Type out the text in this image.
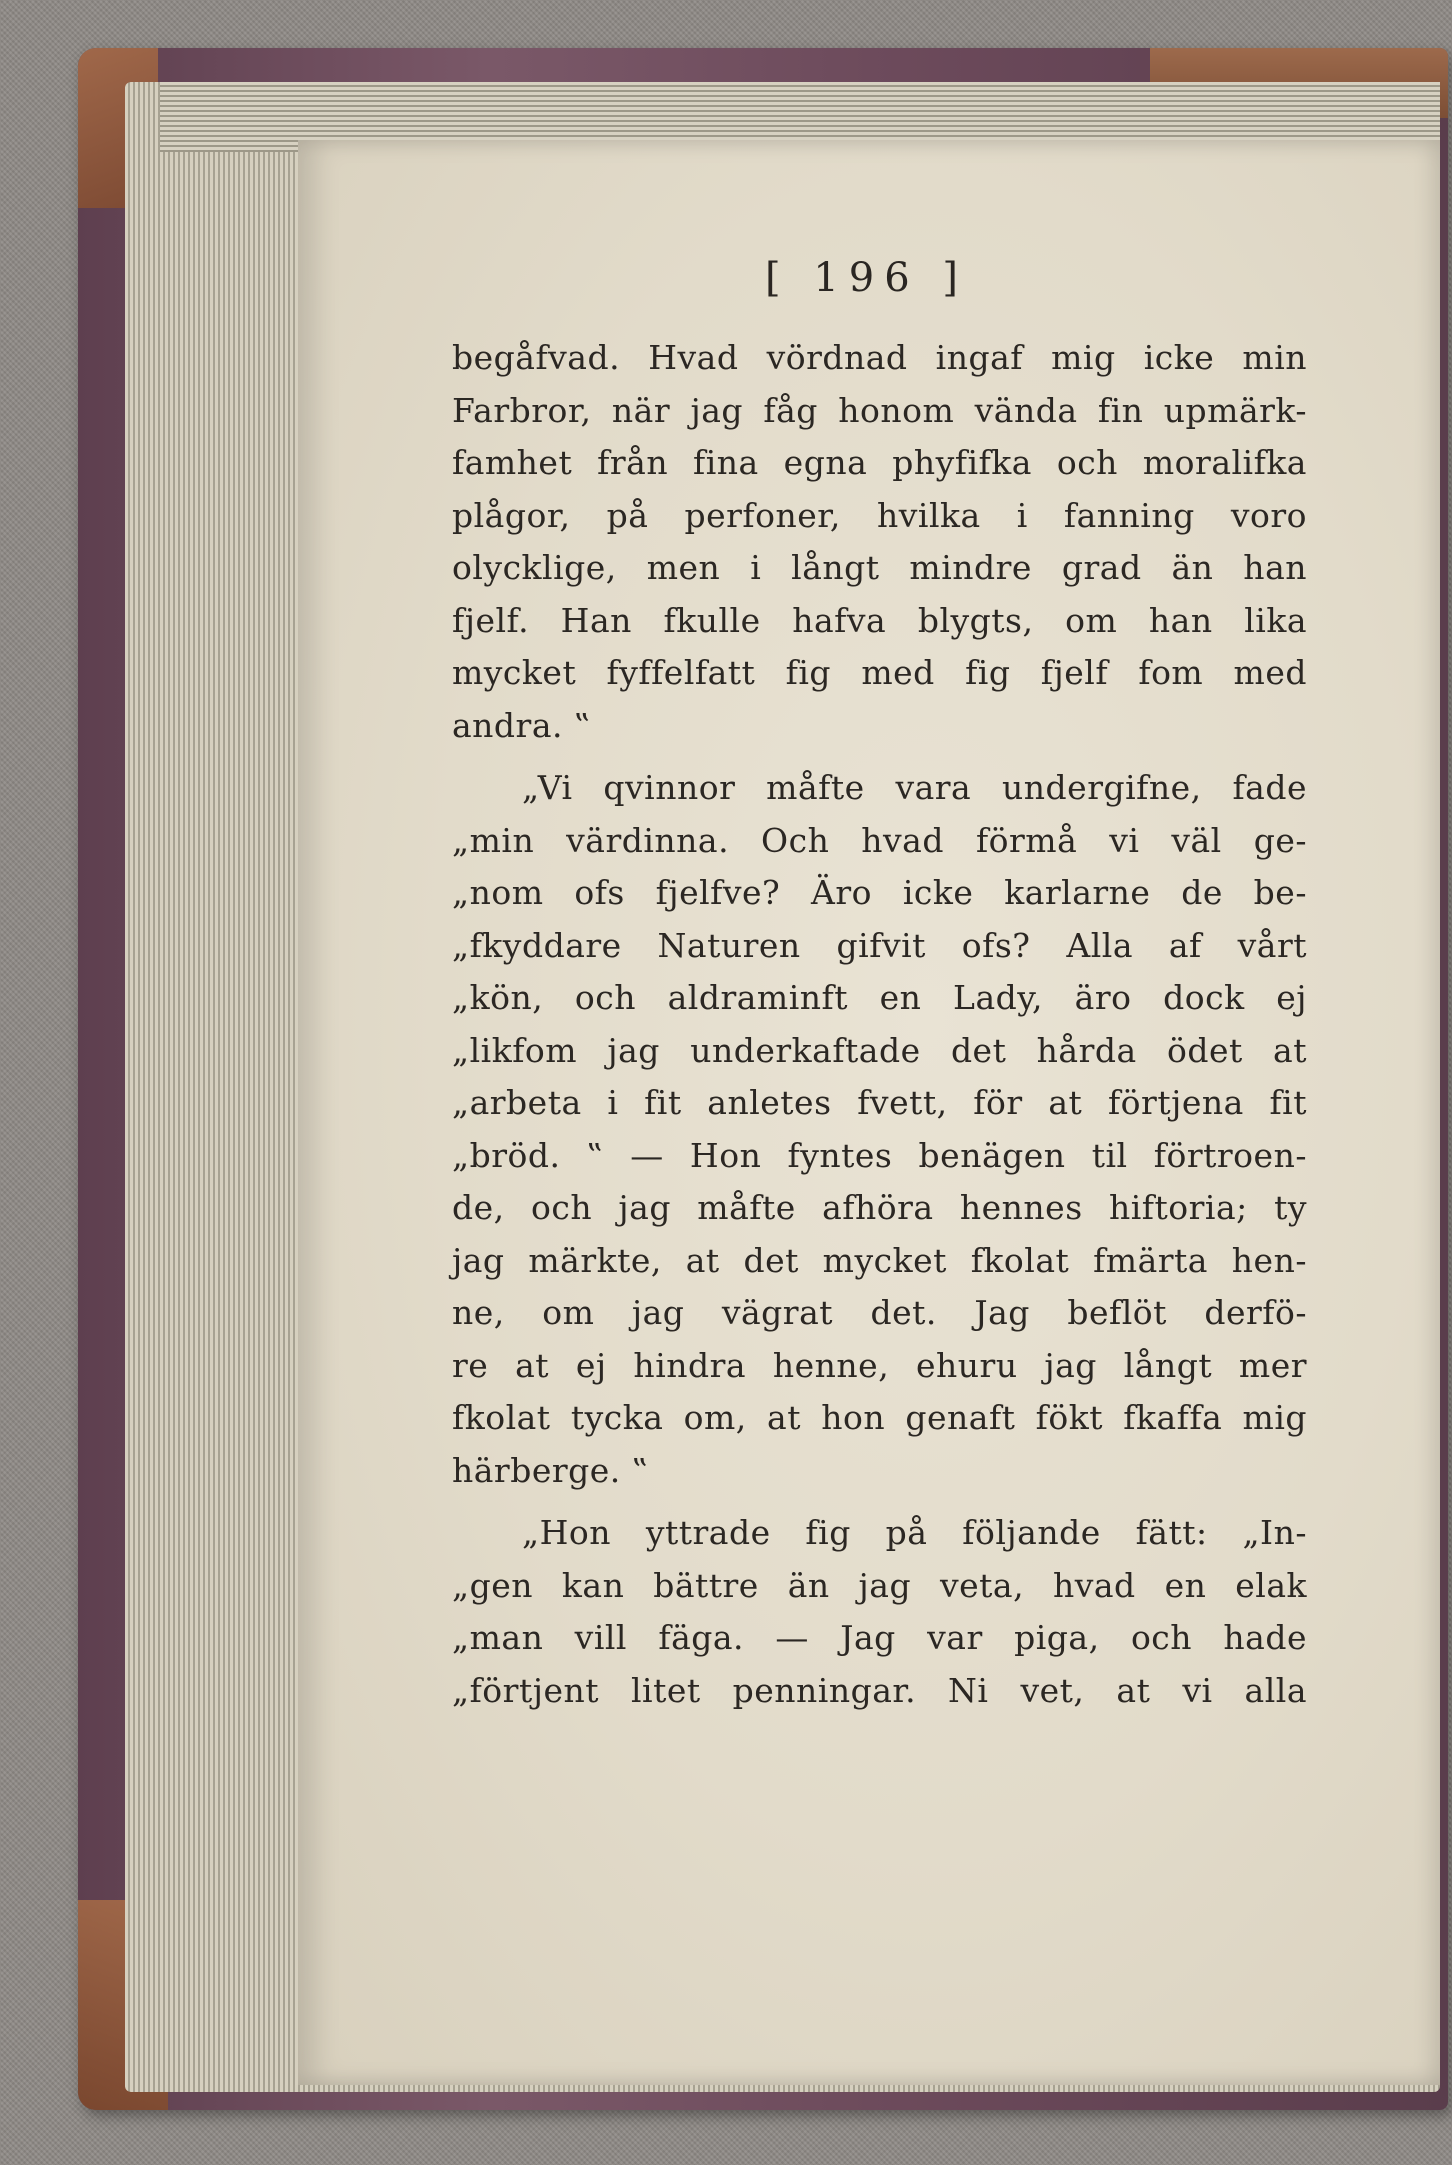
[ 196 ]

begåfvad. Hvad vördnad ingaf mig icke min
Farbror, när jag fåg honom vända fin upmärk-
famhet från fina egna phyfifka och moralifka
plågor, på perfoner, hvilka i fanning voro
olycklige, men i långt mindre grad än han
fjelf. Han fkulle hafva blygts, om han lika
mycket fyffelfatt fig med fig fjelf fom med
andra. ‟
„Vi qvinnor måfte vara undergifne, fade
„min värdinna. Och hvad förmå vi väl ge-
„nom ofs fjelfve? Äro icke karlarne de be-
„fkyddare Naturen gifvit ofs? Alla af vårt
„kön, och aldraminft en Lady, äro dock ej
„likfom jag underkaftade det hårda ödet at
„arbeta i fit anletes fvett, för at förtjena fit
„bröd. ‟ — Hon fyntes benägen til förtroen-
de, och jag måfte afhöra hennes hiftoria; ty
jag märkte, at det mycket fkolat fmärta hen-
ne, om jag vägrat det. Jag beflöt derfö-
re at ej hindra henne, ehuru jag långt mer
fkolat tycka om, at hon genaft fökt fkaffa mig
härberge. ‟
„Hon yttrade fig på följande fätt: „In-
„gen kan bättre än jag veta, hvad en elak
„man vill fäga. — Jag var piga, och hade
„förtjent litet penningar. Ni vet, at vi alla
